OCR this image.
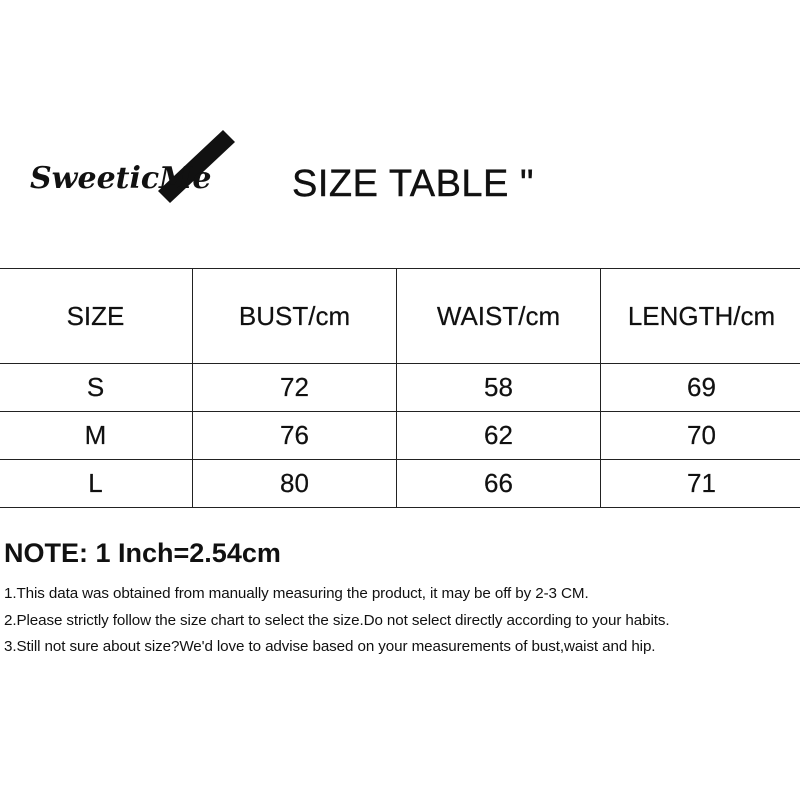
SweeticMe SIZE TABLE "
SIZE	BUST/cm	WAIST/cm	LENGTH/cm
S	72	58	69
M	76	62	70
L	80	66	71
NOTE: 1 Inch=2.54cm
1.This data was obtained from manually measuring the product, it may be off by 2-3 CM.
2.Please strictly follow the size chart to select the size.Do not select directly according to your habits.
3.Still not sure about size?We'd love to advise based on your measurements of bust,waist and hip.
